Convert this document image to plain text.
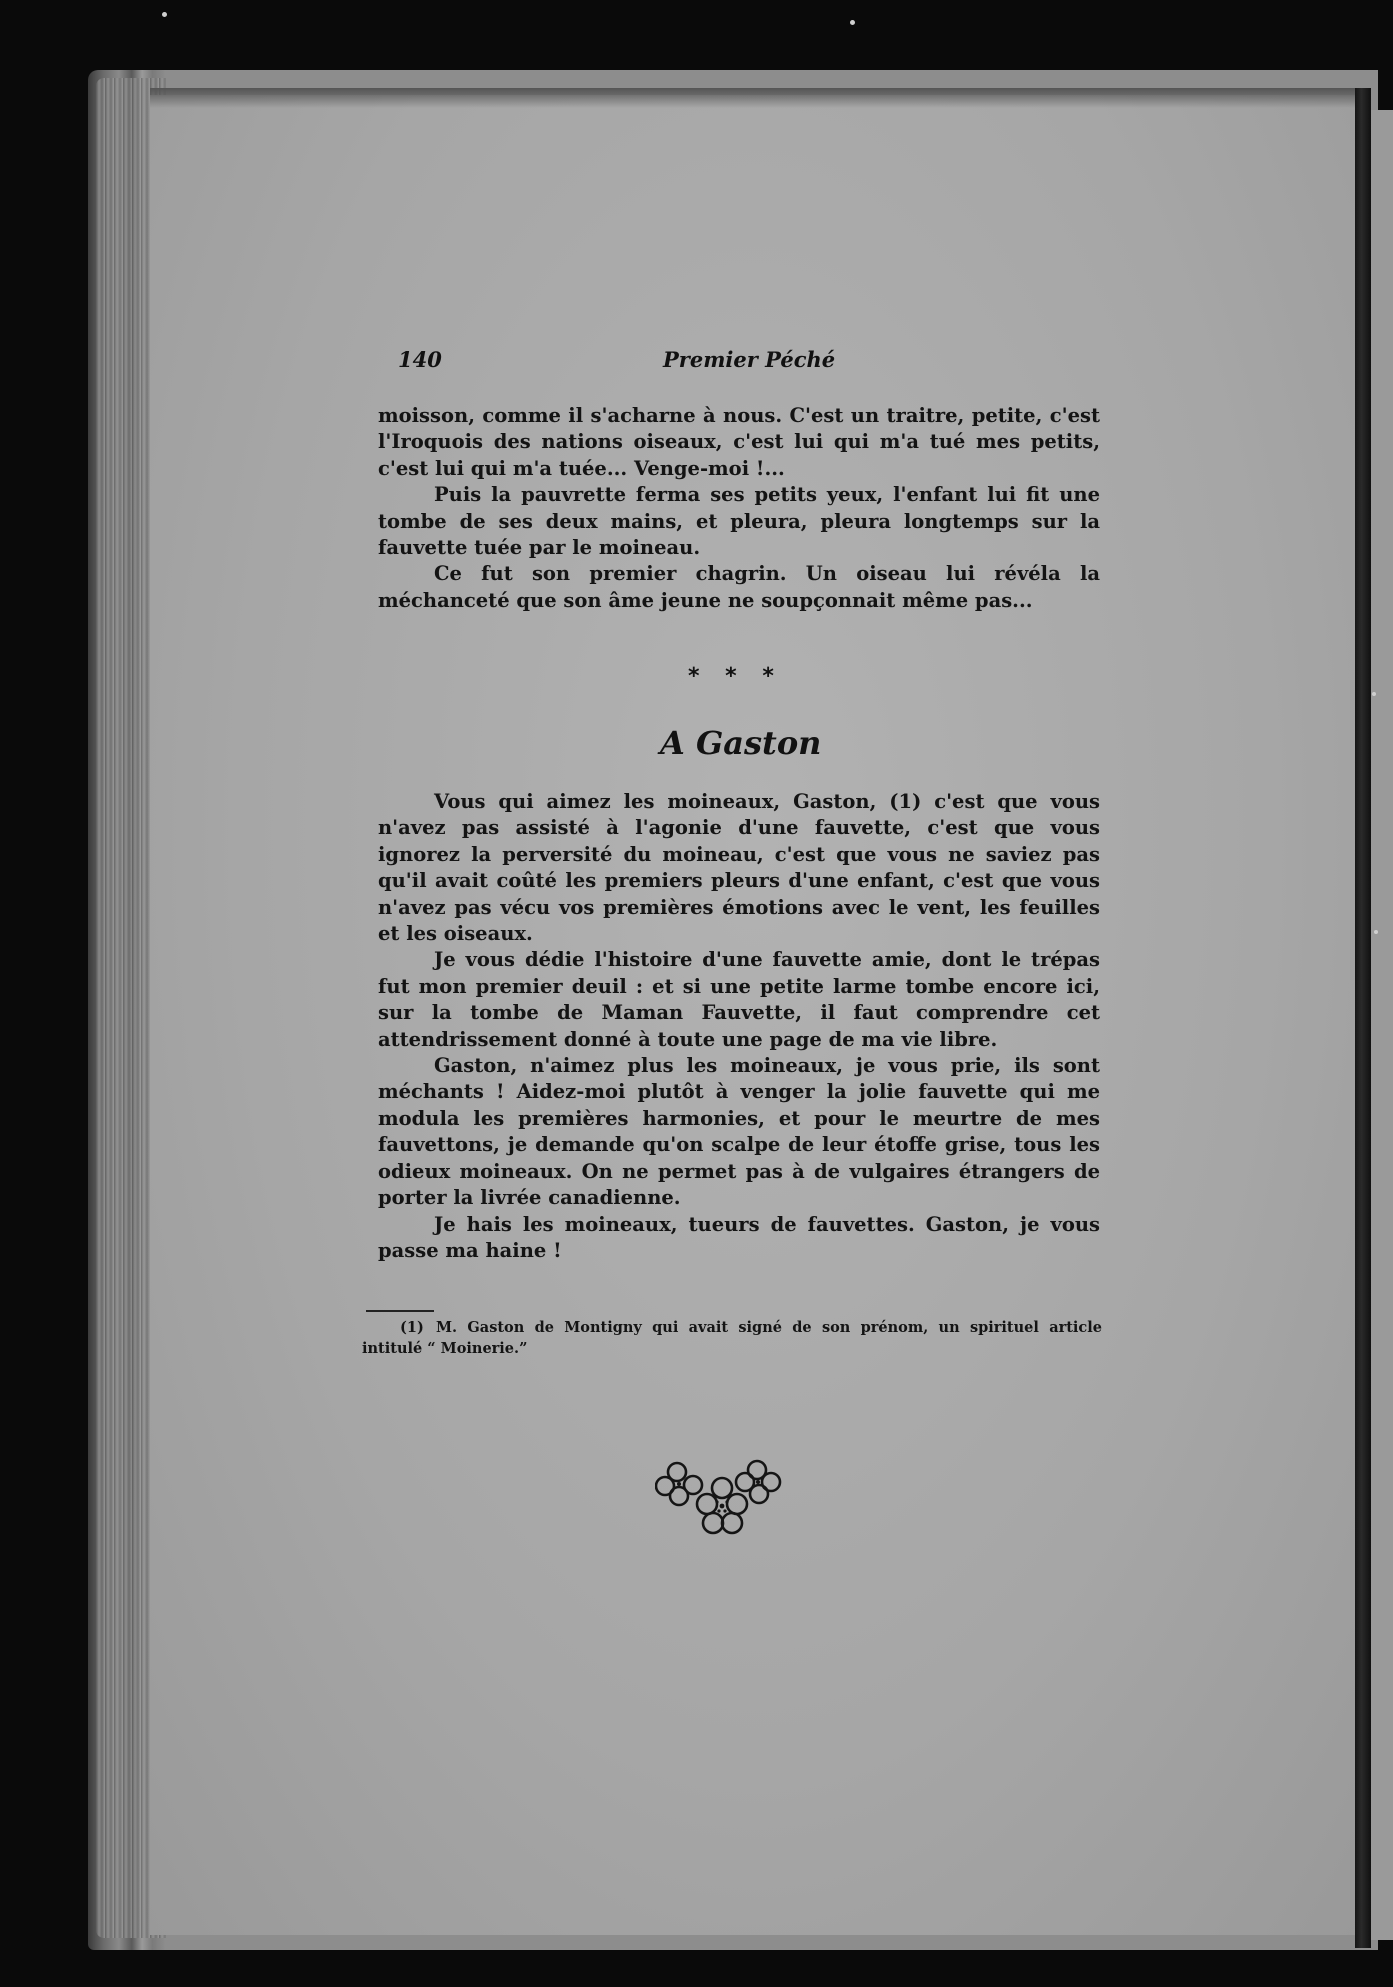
140	Premier Péché

moisson, comme il s'acharne à nous. C'est un traitre, petite, c'est l'Iroquois des nations oiseaux, c'est lui qui m'a tué mes petits, c'est lui qui m'a tuée... Venge-moi !...

Puis la pauvrette ferma ses petits yeux, l'enfant lui fit une tombe de ses deux mains, et pleura, pleura longtemps sur la fauvette tuée par le moineau.

Ce fut son premier chagrin. Un oiseau lui révéla la méchanceté que son âme jeune ne soupçonnait même pas...

* * *
A Gaston

Vous qui aimez les moineaux, Gaston, (1) c'est que vous n'avez pas assisté à l'agonie d'une fauvette, c'est que vous ignorez la perversité du moineau, c'est que vous ne saviez pas qu'il avait coûté les premiers pleurs d'une enfant, c'est que vous n'avez pas vécu vos premières émotions avec le vent, les feuilles et les oiseaux.

Je vous dédie l'histoire d'une fauvette amie, dont le trépas fut mon premier deuil : et si une petite larme tombe encore ici, sur la tombe de Maman Fauvette, il faut comprendre cet attendrissement donné à toute une page de ma vie libre.

Gaston, n'aimez plus les moineaux, je vous prie, ils sont méchants ! Aidez-moi plutôt à venger la jolie fauvette qui me modula les premières harmonies, et pour le meurtre de mes fauvettons, je demande qu'on scalpe de leur étoffe grise, tous les odieux moineaux. On ne permet pas à de vulgaires étrangers de porter la livrée canadienne.

Je hais les moineaux, tueurs de fauvettes. Gaston, je vous passe ma haine !

(1) M. Gaston de Montigny qui avait signé de son prénom, un spirituel article intitulé “ Moinerie.”
